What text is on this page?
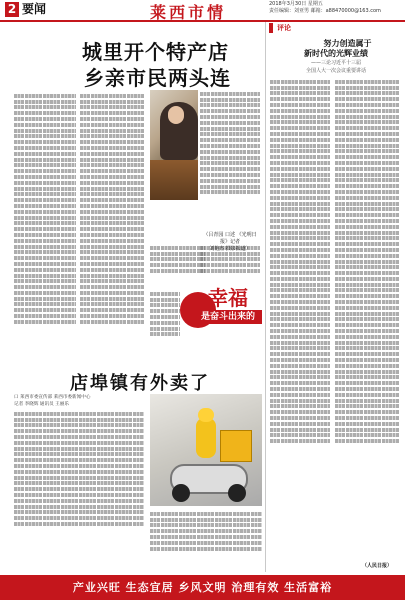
2 要闻	莱西市情	2018年3月30日 星期五
责任编辑：刘亚男 邮箱：a88470000@163.com
城里开个特产店
乡亲市民两头连
（吕青园 口述 《光明日报》记者
刘艳杰 摄影报道）
评论
努力创造属于
新时代的光辉业绩
——三论习近平十三届
全国人大一次会议重要讲话
（人民日报）
幸福
是奋斗出来的
店埠镇有外卖了
口 莱西市委宣传部 莱西市委新闻中心
记者 李晓辉 通讯员 王丽乐
产业兴旺 生态宜居 乡风文明 治理有效 生活富裕
